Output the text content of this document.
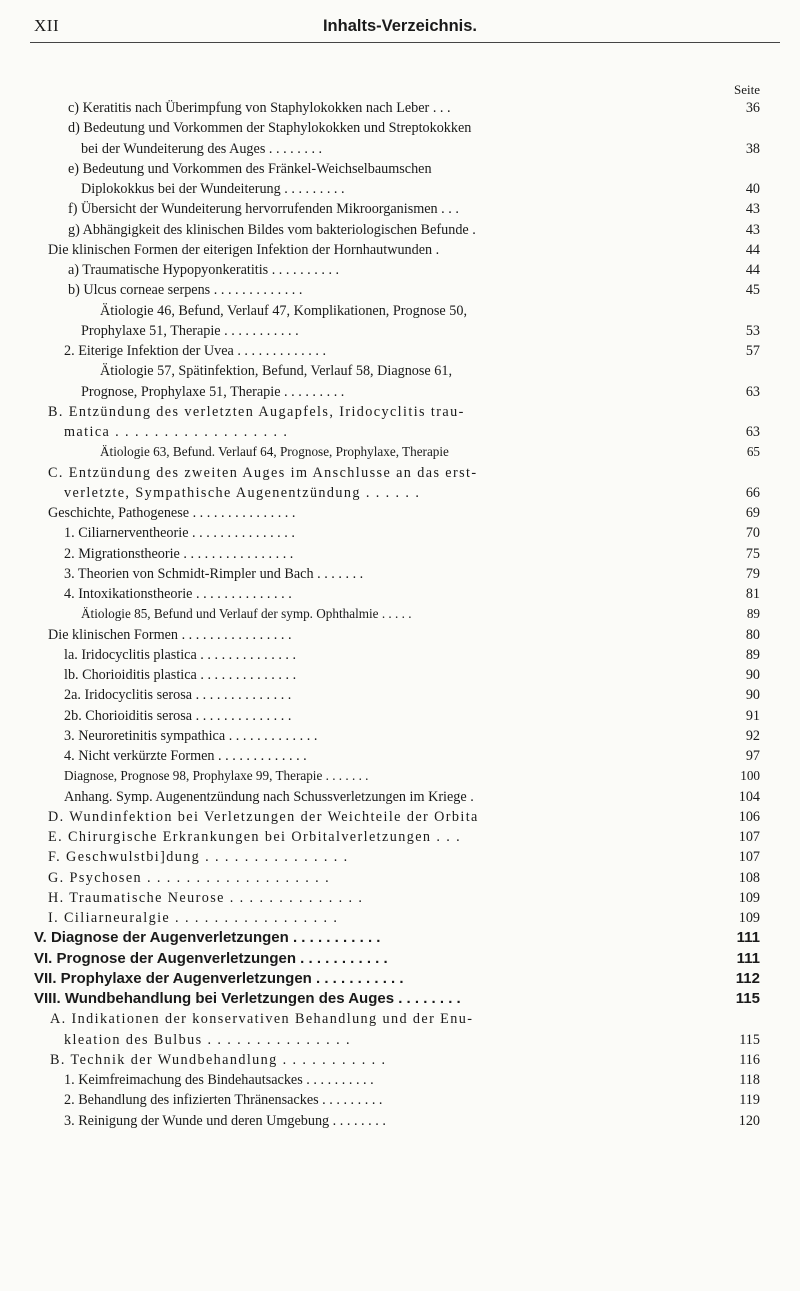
XII	Inhalts-Verzeichnis.
Seite
c) Keratitis nach Überimpfung von Staphylokokken nach Leber . . .	36
d) Bedeutung und Vorkommen der Staphylokokken und Streptokokken
bei der Wundeiterung des Auges . . . . . . . .	38
e) Bedeutung und Vorkommen des Fränkel-Weichselbaumschen
Diplokokkus bei der Wundeiterung . . . . . . . . .	40
f) Übersicht der Wundeiterung hervorrufenden Mikroorganismen . . .	43
g) Abhängigkeit des klinischen Bildes vom bakteriologischen Befunde .	43
Die klinischen Formen der eiterigen Infektion der Hornhautwunden .	44
a) Traumatische Hypopyonkeratitis . . . . . . . . . .	44
b) Ulcus corneae serpens . . . . . . . . . . . . .	45
Ätiologie 46, Befund, Verlauf 47, Komplikationen, Prognose 50,
Prophylaxe 51, Therapie . . . . . . . . . . .	53
2. Eiterige Infektion der Uvea . . . . . . . . . . . . .	57
Ätiologie 57, Spätinfektion, Befund, Verlauf 58, Diagnose 61,
Prognose, Prophylaxe 51, Therapie . . . . . . . . .	63
B. Entzündung des verletzten Augapfels, Iridocyclitis trau-
matica . . . . . . . . . . . . . . . . . .	63
Ätiologie 63, Befund. Verlauf 64, Prognose, Prophylaxe, Therapie	65
C. Entzündung des zweiten Auges im Anschlusse an das erst-
verletzte, Sympathische Augenentzündung . . . . . .	66
Geschichte, Pathogenese . . . . . . . . . . . . . . .	69
1. Ciliarnerventheorie . . . . . . . . . . . . . . .	70
2. Migrationstheorie . . . . . . . . . . . . . . . .	75
3. Theorien von Schmidt-Rimpler und Bach . . . . . . .	79
4. Intoxikationstheorie . . . . . . . . . . . . . .	81
Ätiologie 85, Befund und Verlauf der symp. Ophthalmie . . . . .	89
Die klinischen Formen . . . . . . . . . . . . . . . .	80
la. Iridocyclitis plastica . . . . . . . . . . . . . .	89
lb. Chorioiditis plastica . . . . . . . . . . . . . .	90
2a. Iridocyclitis serosa . . . . . . . . . . . . . .	90
2b. Chorioiditis serosa . . . . . . . . . . . . . .	91
3. Neuroretinitis sympathica . . . . . . . . . . . . .	92
4. Nicht verkürzte Formen . . . . . . . . . . . . .	97
Diagnose, Prognose 98, Prophylaxe 99, Therapie . . . . . . .	100
Anhang. Symp. Augenentzündung nach Schussverletzungen im Kriege .	104
D. Wundinfektion bei Verletzungen der Weichteile der Orbita	106
E. Chirurgische Erkrankungen bei Orbitalverletzungen . . .	107
F. Geschwulstbi]dung . . . . . . . . . . . . . . .	107
G. Psychosen . . . . . . . . . . . . . . . . . . .	108
H. Traumatische Neurose . . . . . . . . . . . . . .	109
I. Ciliarneuralgie . . . . . . . . . . . . . . . . .	109
V. Diagnose der Augenverletzungen . . . . . . . . . . .	111
VI. Prognose der Augenverletzungen . . . . . . . . . . .	111
VII. Prophylaxe der Augenverletzungen . . . . . . . . . . .	112
VIII. Wundbehandlung bei Verletzungen des Auges . . . . . . . .	115
A. Indikationen der konservativen Behandlung und der Enu-
kleation des Bulbus . . . . . . . . . . . . . . .	115
B. Technik der Wundbehandlung . . . . . . . . . . .	116
1. Keimfreimachung des Bindehautsackes . . . . . . . . . .	118
2. Behandlung des infizierten Thränensackes . . . . . . . . .	119
3. Reinigung der Wunde und deren Umgebung . . . . . . . .	120
